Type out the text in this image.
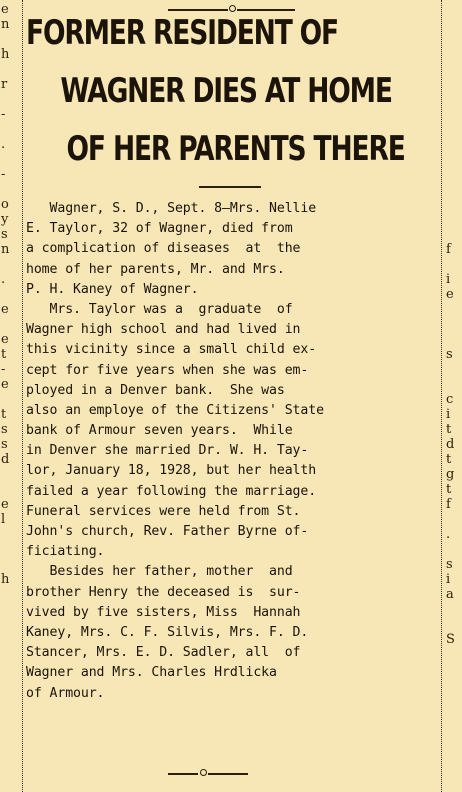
e
n

h

r

-

.

-

o
y
s
n

.

e

e
t
-
e

t
s
s
d

e
l

h

f

i
e

s

c
i
t
d
t
g
t
f

.

s
i
a

S
FORMER RESIDENT OF
WAGNER DIES AT HOME
OF HER PARENTS THERE
Wagner, S. D., Sept. 8—Mrs. Nellie
E. Taylor, 32 of Wagner, died from
a complication of diseases  at  the
home of her parents, Mr. and Mrs.
P. H. Kaney of Wagner.
Mrs. Taylor was a  graduate  of
Wagner high school and had lived in
this vicinity since a small child ex-
cept for five years when she was em-
ployed in a Denver bank.  She was
also an employe of the Citizens' State
bank of Armour seven years.  While
in Denver she married Dr. W. H. Tay-
lor, January 18, 1928, but her health
failed a year following the marriage.
Funeral services were held from St.
John's church, Rev. Father Byrne of-
ficiating.
Besides her father, mother  and
brother Henry the deceased is  sur-
vived by five sisters, Miss  Hannah
Kaney, Mrs. C. F. Silvis, Mrs. F. D.
Stancer, Mrs. E. D. Sadler, all  of
Wagner and Mrs. Charles Hrdlicka
of Armour.
